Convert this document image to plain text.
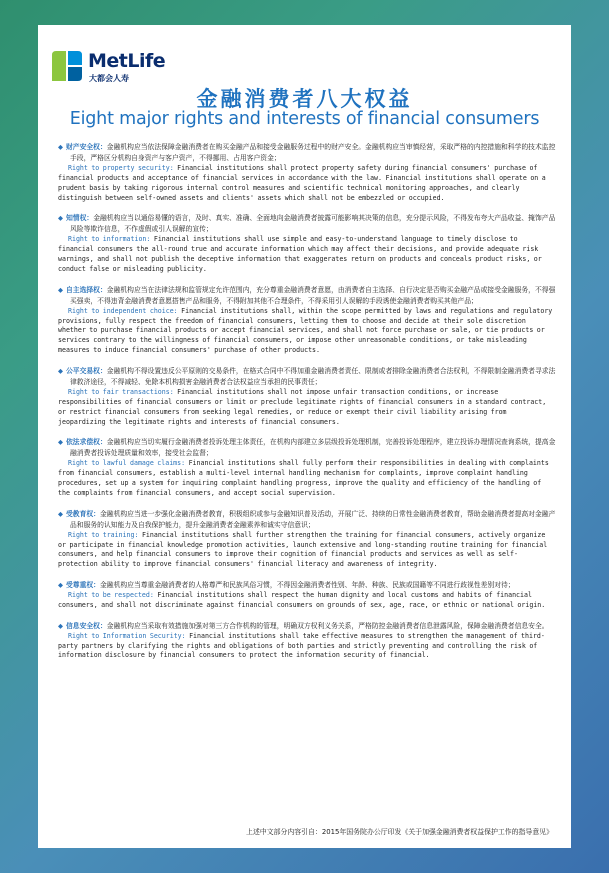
MetLife
大都会人寿
金融消费者八大权益
Eight major rights and interests of financial consumers
◆ 财产安全权：金融机构应当依法保障金融消费者在购买金融产品和接受金融服务过程中的财产安全。金融机构应当审慎经营，采取严格的内控措施和科学的技术监控手段，严格区分机构自身资产与客户资产，不得挪用、占用客户资金；
Right to property security: Financial institutions shall protect property safety during financial consumers' purchase of financial products and acceptance of financial services in accordance with the law. Financial institutions shall operate on a prudent basis by taking rigorous internal control measures and scientific technical monitoring approaches, and clearly distinguish between self-owned assets and clients' assets which shall not be embezzled or occupied.
◆ 知情权：金融机构应当以通俗易懂的语言，及时、真实、准确、全面地向金融消费者披露可能影响其决策的信息，充分提示风险，不得发布夸大产品收益、掩饰产品风险等欺诈信息，不作虚假或引人误解的宣传；
Right to information: Financial institutions shall use simple and easy-to-understand language to timely disclose to financial consumers the all-round true and accurate information which may affect their decisions, and provide adequate risk warnings, and shall not publish the deceptive information that exaggerates return on products and conceals product risks, or conduct false or misleading publicity.
◆ 自主选择权：金融机构应当在法律法规和监管规定允许范围内，充分尊重金融消费者意愿，由消费者自主选择、自行决定是否购买金融产品或接受金融服务，不得强买强卖，不得违背金融消费者意愿搭售产品和服务，不得附加其他不合理条件，不得采用引人误解的手段诱使金融消费者购买其他产品；
Right to independent choice: Financial institutions shall, within the scope permitted by laws and regulations and regulatory provisions, fully respect the freedom of financial consumers, letting them to choose and decide at their sole discretion whether to purchase financial products or accept financial services, and shall not force purchase or sale, or tie products or services contrary to the willingness of financial consumers, or impose other unreasonable conditions, or take misleading measures to induce financial consumers' purchase of other products.
◆ 公平交易权：金融机构不得设置违反公平原则的交易条件，在格式合同中不得加重金融消费者责任、限制或者排除金融消费者合法权利，不得限制金融消费者寻求法律救济途径，不得减轻、免除本机构损害金融消费者合法权益应当承担的民事责任；
Right to fair transactions: Financial institutions shall not impose unfair transaction conditions, or increase responsibilities of financial consumers or limit or preclude legitimate rights of financial consumers in a standard contract, or restrict financial consumers from seeking legal remedies, or reduce or exempt their civil liability arising from jeopardizing the legitimate rights and interests of financial consumers.
◆ 依法求偿权：金融机构应当切实履行金融消费者投诉处理主体责任，在机构内部建立多层级投诉处理机制，完善投诉处理程序，建立投诉办理情况查询系统，提高金融消费者投诉处理质量和效率，接受社会监督；
Right to lawful damage claims: Financial institutions shall fully perform their responsibilities in dealing with complaints from financial consumers, establish a multi-level internal handling mechanism for complaints, improve complaint handling procedures, set up a system for inquiring complaint handling progress, improve the quality and efficiency of the handling of the complaints from financial consumers, and accept social supervision.
◆ 受教育权：金融机构应当进一步强化金融消费者教育，积极组织或参与金融知识普及活动，开展广泛、持续的日常性金融消费者教育，帮助金融消费者提高对金融产品和服务的认知能力及自我保护能力，提升金融消费者金融素养和诚实守信意识；
Right to training: Financial institutions shall further strengthen the training for financial consumers, actively organize or participate in financial knowledge promotion activities, launch extensive and long-standing routine training for financial consumers, and help financial consumers to improve their cognition of financial products and services as well as self-protection ability to improve financial consumers' financial literacy and awareness of integrity.
◆ 受尊重权：金融机构应当尊重金融消费者的人格尊严和民族风俗习惯，不得因金融消费者性别、年龄、种族、民族或国籍等不同进行歧视性差别对待；
Right to be respected: Financial institutions shall respect the human dignity and local customs and habits of financial consumers, and shall not discriminate against financial consumers on grounds of sex, age, race, or ethnic or national origin.
◆ 信息安全权：金融机构应当采取有效措施加强对第三方合作机构的管理，明确双方权利义务关系，严格防控金融消费者信息泄露风险，保障金融消费者信息安全。
Right to Information Security: Financial institutions shall take effective measures to strengthen the management of third-party partners by clarifying the rights and obligations of both parties and strictly preventing and controlling the risk of information disclosure by financial consumers to protect the information security of financial.
上述中文部分内容引自：2015年国务院办公厅印发《关于加强金融消费者权益保护工作的指导意见》
